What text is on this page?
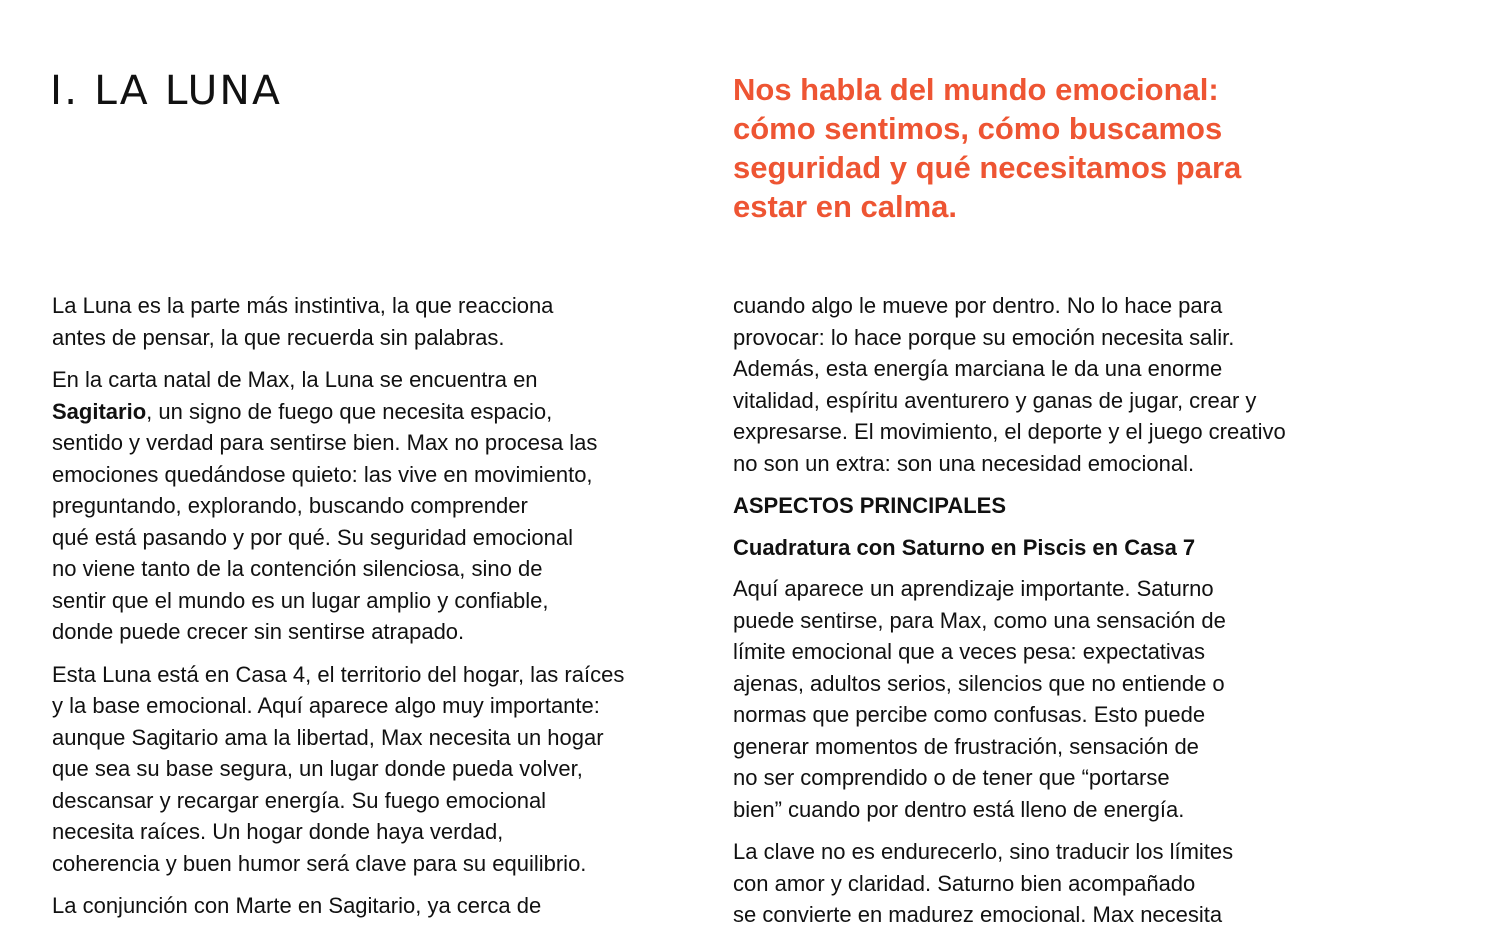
I. LA LUNA	Nos habla del mundo emocional:
cómo sentimos, cómo buscamos
seguridad y qué necesitamos para
estar en calma.

La Luna es la parte más instintiva, la que reacciona
antes de pensar, la que recuerda sin palabras.

En la carta natal de Max, la Luna se encuentra en
Sagitario, un signo de fuego que necesita espacio,
sentido y verdad para sentirse bien. Max no procesa las
emociones quedándose quieto: las vive en movimiento,
preguntando, explorando, buscando comprender
qué está pasando y por qué. Su seguridad emocional
no viene tanto de la contención silenciosa, sino de
sentir que el mundo es un lugar amplio y confiable,
donde puede crecer sin sentirse atrapado.

Esta Luna está en Casa 4, el territorio del hogar, las raíces
y la base emocional. Aquí aparece algo muy importante:
aunque Sagitario ama la libertad, Max necesita un hogar
que sea su base segura, un lugar donde pueda volver,
descansar y recargar energía. Su fuego emocional
necesita raíces. Un hogar donde haya verdad,
coherencia y buen humor será clave para su equilibrio.

La conjunción con Marte en Sagitario, ya cerca de

cuando algo le mueve por dentro. No lo hace para
provocar: lo hace porque su emoción necesita salir.
Además, esta energía marciana le da una enorme
vitalidad, espíritu aventurero y ganas de jugar, crear y
expresarse. El movimiento, el deporte y el juego creativo
no son un extra: son una necesidad emocional.

ASPECTOS PRINCIPALES
Cuadratura con Saturno en Piscis en Casa 7

Aquí aparece un aprendizaje importante. Saturno
puede sentirse, para Max, como una sensación de
límite emocional que a veces pesa: expectativas
ajenas, adultos serios, silencios que no entiende o
normas que percibe como confusas. Esto puede
generar momentos de frustración, sensación de
no ser comprendido o de tener que “portarse
bien” cuando por dentro está lleno de energía.

La clave no es endurecerlo, sino traducir los límites
con amor y claridad. Saturno bien acompañado
se convierte en madurez emocional. Max necesita
